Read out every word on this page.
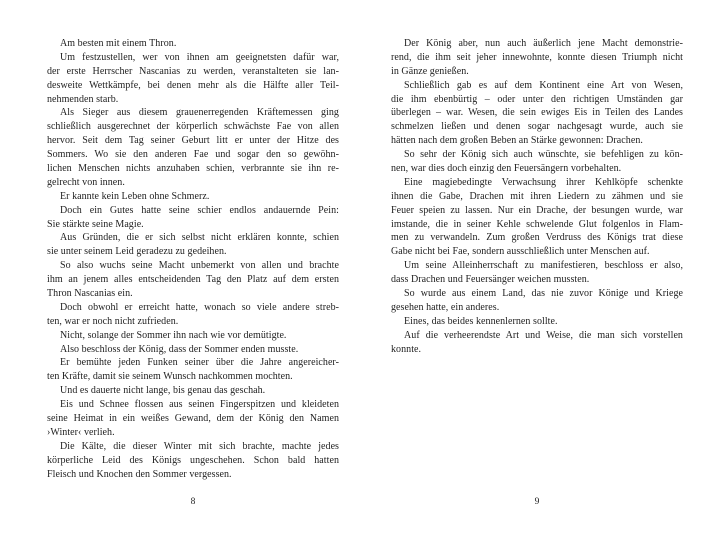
Am besten mit einem Thron.
Um festzustellen, wer von ihnen am geeignetsten dafür war,
der erste Herrscher Nascanias zu werden, veranstalteten sie lan-
desweite Wettkämpfe, bei denen mehr als die Hälfte aller Teil-
nehmenden starb.
Als Sieger aus diesem grauenerregenden Kräftemessen ging
schließlich ausgerechnet der körperlich schwächste Fae von allen
hervor. Seit dem Tag seiner Geburt litt er unter der Hitze des
Sommers. Wo sie den anderen Fae und sogar den so gewöhn-
lichen Menschen nichts anzuhaben schien, verbrannte sie ihn re-
gelrecht von innen.
Er kannte kein Leben ohne Schmerz.
Doch ein Gutes hatte seine schier endlos andauernde Pein:
Sie stärkte seine Magie.
Aus Gründen, die er sich selbst nicht erklären konnte, schien
sie unter seinem Leid geradezu zu gedeihen.
So also wuchs seine Macht unbemerkt von allen und brachte
ihm an jenem alles entscheidenden Tag den Platz auf dem ersten
Thron Nascanias ein.
Doch obwohl er erreicht hatte, wonach so viele andere streb-
ten, war er noch nicht zufrieden.
Nicht, solange der Sommer ihn nach wie vor demütigte.
Also beschloss der König, dass der Sommer enden musste.
Er bemühte jeden Funken seiner über die Jahre angereicher-
ten Kräfte, damit sie seinem Wunsch nachkommen mochten.
Und es dauerte nicht lange, bis genau das geschah.
Eis und Schnee flossen aus seinen Fingerspitzen und kleideten
seine Heimat in ein weißes Gewand, dem der König den Namen
›Winter‹ verlieh.
Die Kälte, die dieser Winter mit sich brachte, machte jedes
körperliche Leid des Königs ungeschehen. Schon bald hatten
Fleisch und Knochen den Sommer vergessen.
8
Der König aber, nun auch äußerlich jene Macht demonstrie-
rend, die ihm seit jeher innewohnte, konnte diesen Triumph nicht
in Gänze genießen.
Schließlich gab es auf dem Kontinent eine Art von Wesen,
die ihm ebenbürtig – oder unter den richtigen Umständen gar
überlegen – war. Wesen, die sein ewiges Eis in Teilen des Landes
schmelzen ließen und denen sogar nachgesagt wurde, auch sie
hätten nach dem großen Beben an Stärke gewonnen: Drachen.
So sehr der König sich auch wünschte, sie befehligen zu kön-
nen, war dies doch einzig den Feuersängern vorbehalten.
Eine magiebedingte Verwachsung ihrer Kehlköpfe schenkte
ihnen die Gabe, Drachen mit ihren Liedern zu zähmen und sie
Feuer speien zu lassen. Nur ein Drache, der besungen wurde, war
imstande, die in seiner Kehle schwelende Glut folgenlos in Flam-
men zu verwandeln. Zum großen Verdruss des Königs trat diese
Gabe nicht bei Fae, sondern ausschließlich unter Menschen auf.
Um seine Alleinherrschaft zu manifestieren, beschloss er also,
dass Drachen und Feuersänger weichen mussten.
So wurde aus einem Land, das nie zuvor Könige und Kriege
gesehen hatte, ein anderes.
Eines, das beides kennenlernen sollte.
Auf die verheerendste Art und Weise, die man sich vorstellen
konnte.
9
